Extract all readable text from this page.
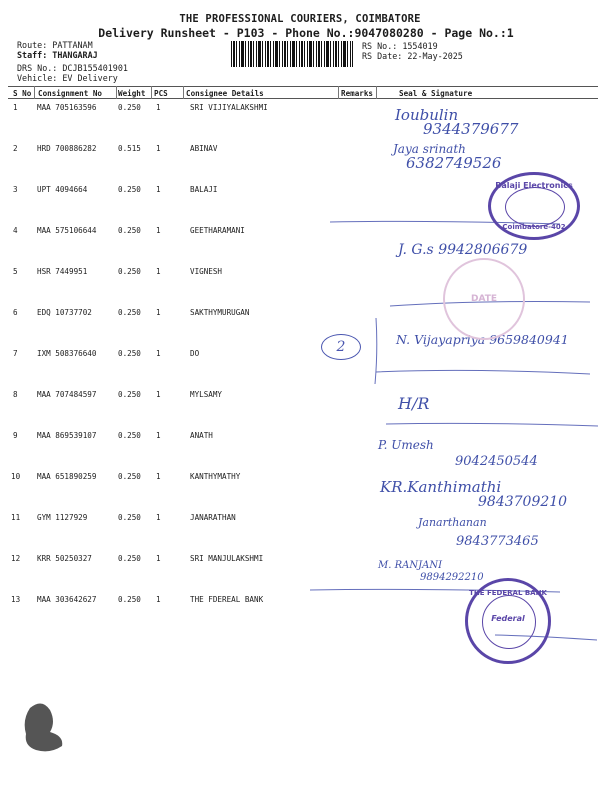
THE PROFESSIONAL COURIERS, COIMBATORE
Delivery Runsheet - P103 - Phone No.:9047080280 - Page No.:1
Route: PATTANAM
Staff: THANGARAJ
DRS No.: DCJB155401901
Vehicle: EV Delivery
RS No.: 1554019
RS Date: 22-May-2025
S No Consignment No Weight PCS Consignee Details	Remarks	Seal & Signature
1	MAA 705163596	0.250 1	SRI VIJIYALAKSHMI
2	HRD 700886282	0.515 1	ABINAV
3	UPT 4094664	0.250 1	BALAJI
4	MAA 575106644	0.250 1	GEETHARAMANI
5	HSR 7449951	0.250 1	VIGNESH
6	EDQ 10737702	0.250 1	SAKTHYMURUGAN
7	IXM 508376640	0.250 1	DO
8	MAA 707484597	0.250 1	MYLSAMY
9	MAA 869539107	0.250 1	ANATH
10 MAA 651890259	0.250 1	KANTHYMATHY
11 GYM 1127929	0.250 1	JANARATHAN
12 KRR 50250327	0.250 1	SRI MANJULAKSHMI
13 MAA 303642627	0.250 1	THE FDEREAL BANK
Ioubulin
9344379677
Jaya srinath
6382749526
J. G.s 9942806679
2	N. Vijayapriya 9659840941
H/R
P. Umesh
9042450544
KR.Kanthimathi
9843709210
Janarthanan
9843773465
M. RANJANI
9894292210
Balaji Electronics
Coimbatore-402
DATE
THE FEDERAL BANK
Federal
